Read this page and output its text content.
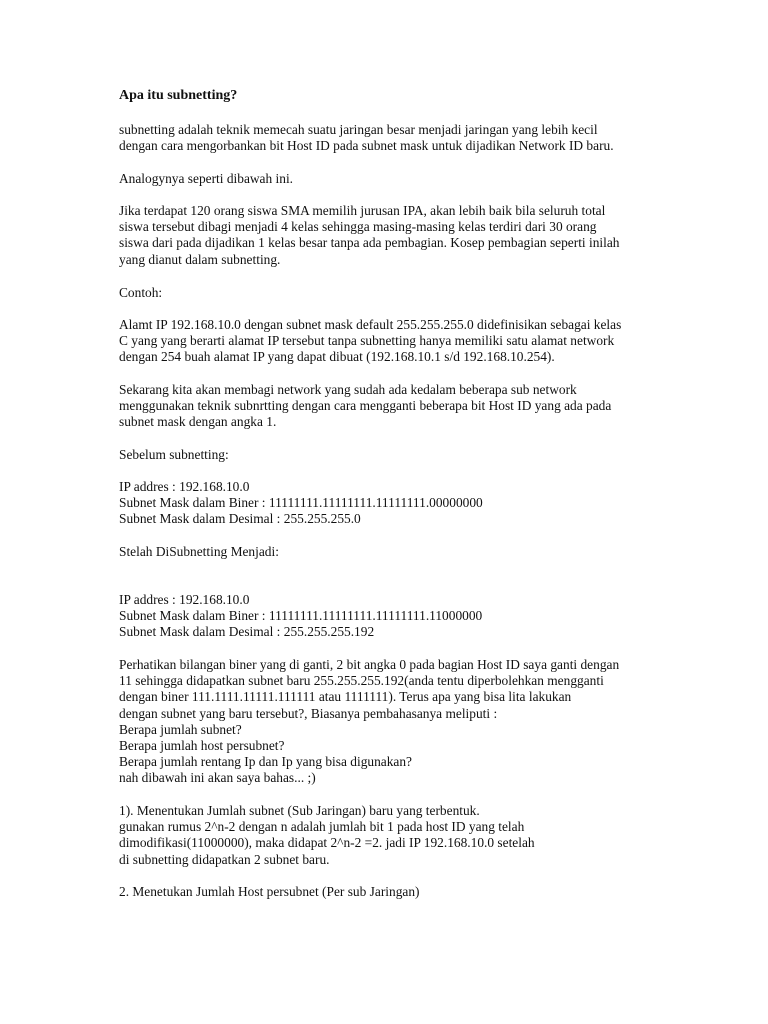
Apa itu subnetting?

subnetting adalah teknik memecah suatu jaringan besar menjadi jaringan yang lebih kecil
dengan cara mengorbankan bit Host ID pada subnet mask untuk dijadikan Network ID baru.

Analogynya seperti dibawah ini.

Jika terdapat 120 orang siswa SMA memilih jurusan IPA, akan lebih baik bila seluruh total
siswa tersebut dibagi menjadi 4 kelas sehingga masing-masing kelas terdiri dari 30 orang
siswa dari pada dijadikan 1 kelas besar tanpa ada pembagian. Kosep pembagian seperti inilah
yang dianut dalam subnetting.

Contoh:

Alamt IP 192.168.10.0 dengan subnet mask default 255.255.255.0 didefinisikan sebagai kelas
C yang yang berarti alamat IP tersebut tanpa subnetting hanya memiliki satu alamat network
dengan 254 buah alamat IP yang dapat dibuat (192.168.10.1 s/d 192.168.10.254).

Sekarang kita akan membagi network yang sudah ada kedalam beberapa sub network
menggunakan teknik subnrtting dengan cara mengganti beberapa bit Host ID yang ada pada
subnet mask dengan angka 1.

Sebelum subnetting:

IP addres : 192.168.10.0
Subnet Mask dalam Biner : 11111111.11111111.11111111.00000000
Subnet Mask dalam Desimal : 255.255.255.0

Stelah DiSubnetting Menjadi:

IP addres : 192.168.10.0
Subnet Mask dalam Biner : 11111111.11111111.11111111.11000000
Subnet Mask dalam Desimal : 255.255.255.192

Perhatikan bilangan biner yang di ganti, 2 bit angka 0 pada bagian Host ID saya ganti dengan
11 sehingga didapatkan subnet baru 255.255.255.192(anda tentu diperbolehkan mengganti
dengan biner 111.1111.11111.111111 atau 1111111). Terus apa yang bisa lita lakukan
dengan subnet yang baru tersebut?, Biasanya pembahasanya meliputi :
Berapa jumlah subnet?
Berapa jumlah host persubnet?
Berapa jumlah rentang Ip dan Ip yang bisa digunakan?
nah dibawah ini akan saya bahas... ;)

1). Menentukan Jumlah subnet (Sub Jaringan) baru yang terbentuk.
gunakan rumus 2^n-2 dengan n adalah jumlah bit 1 pada host ID yang telah
dimodifikasi(11000000), maka didapat 2^n-2 =2. jadi IP 192.168.10.0 setelah
di subnetting didapatkan 2 subnet baru.

2. Menetukan Jumlah Host persubnet (Per sub Jaringan)
